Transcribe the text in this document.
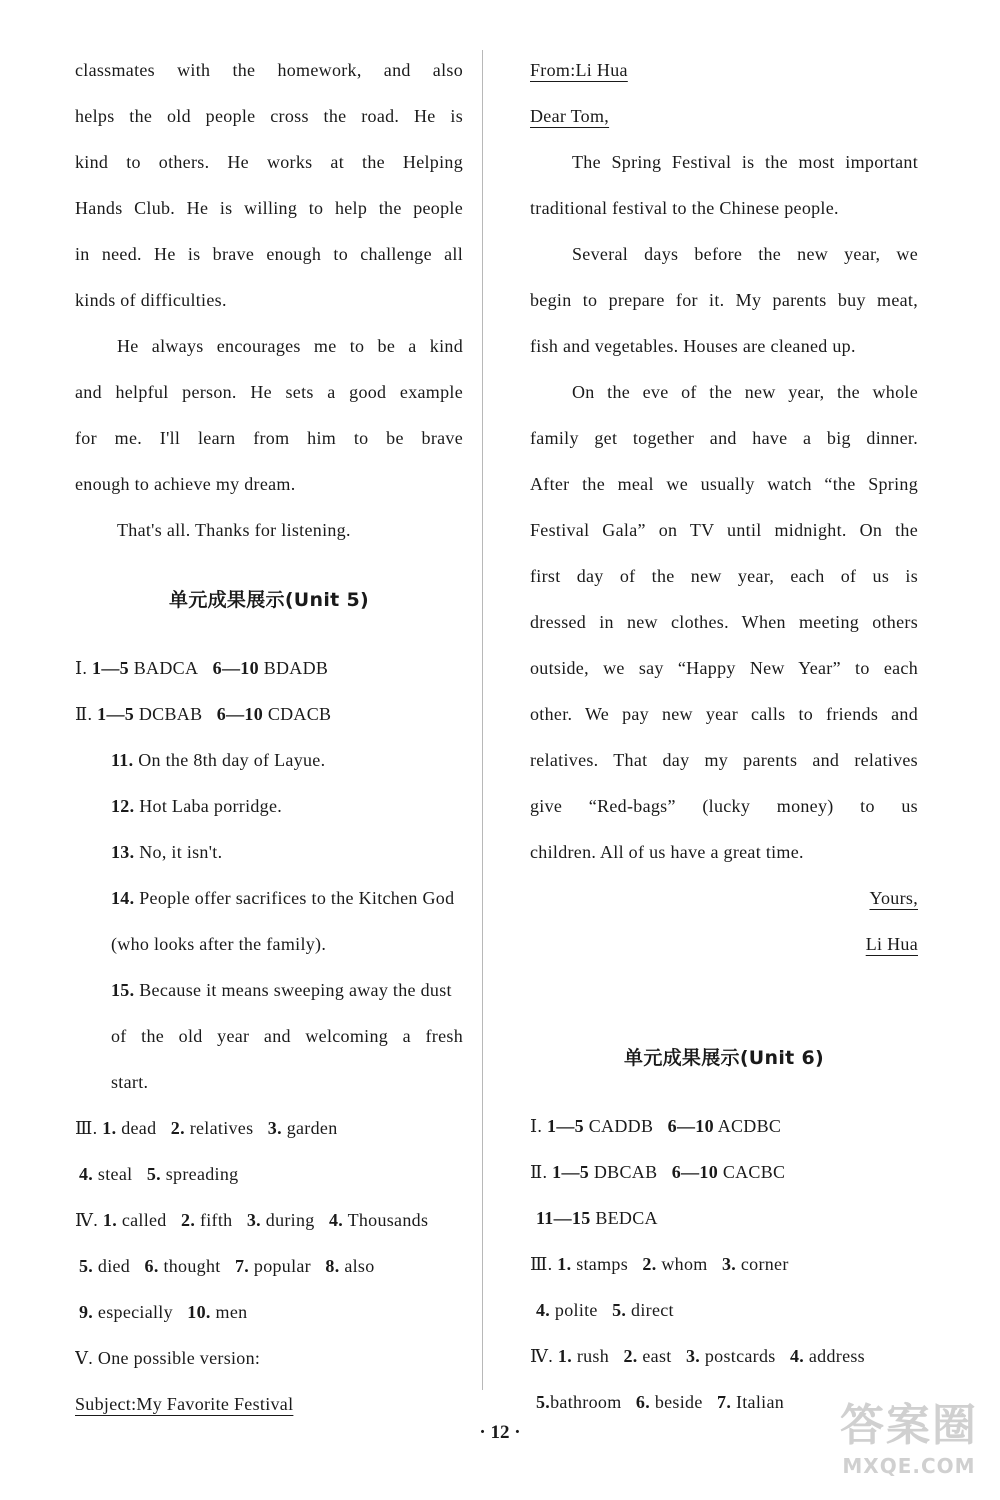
classmates with the homework, and also
helps the old people cross the road. He is
kind to others. He works at the Helping
Hands Club. He is willing to help the people
in need. He is brave enough to challenge all
kinds of difficulties.
He always encourages me to be a kind
and helpful person. He sets a good example
for me. I'll learn from him to be brave
enough to achieve my dream.
That's all. Thanks for listening.
单元成果展示(Unit 5)
Ⅰ. 1—5 BADCA 6—10 BDADB
Ⅱ. 1—5 DCBAB 6—10 CDACB
11. On the 8th day of Layue.
12. Hot Laba porridge.
13. No, it isn't.
14. People offer sacrifices to the Kitchen God
(who looks after the family).
15. Because it means sweeping away the dust
of the old year and welcoming a fresh
start.
Ⅲ. 1. dead 2. relatives 3. garden
4. steal 5. spreading
Ⅳ. 1. called 2. fifth 3. during 4. Thousands
5. died 6. thought 7. popular 8. also
9. especially 10. men
Ⅴ. One possible version:
Subject:My Favorite Festival
From:Li Hua
Dear Tom,
The Spring Festival is the most important
traditional festival to the Chinese people.
Several days before the new year, we
begin to prepare for it. My parents buy meat,
fish and vegetables. Houses are cleaned up.
On the eve of the new year, the whole
family get together and have a big dinner.
After the meal we usually watch “the Spring
Festival Gala” on TV until midnight. On the
first day of the new year, each of us is
dressed in new clothes. When meeting others
outside, we say “Happy New Year” to each
other. We pay new year calls to friends and
relatives. That day my parents and relatives
give “Red-bags” (lucky money) to us
children. All of us have a great time.
Yours,
Li Hua
单元成果展示(Unit 6)
Ⅰ. 1—5 CADDB 6—10 ACDBC
Ⅱ. 1—5 DBCAB 6—10 CACBC
11—15 BEDCA
Ⅲ. 1. stamps 2. whom 3. corner
4. polite 5. direct
Ⅳ. 1. rush 2. east 3. postcards 4. address
5.bathroom 6. beside 7. Italian
· 12 ·	答案圈
MXQE.COM
